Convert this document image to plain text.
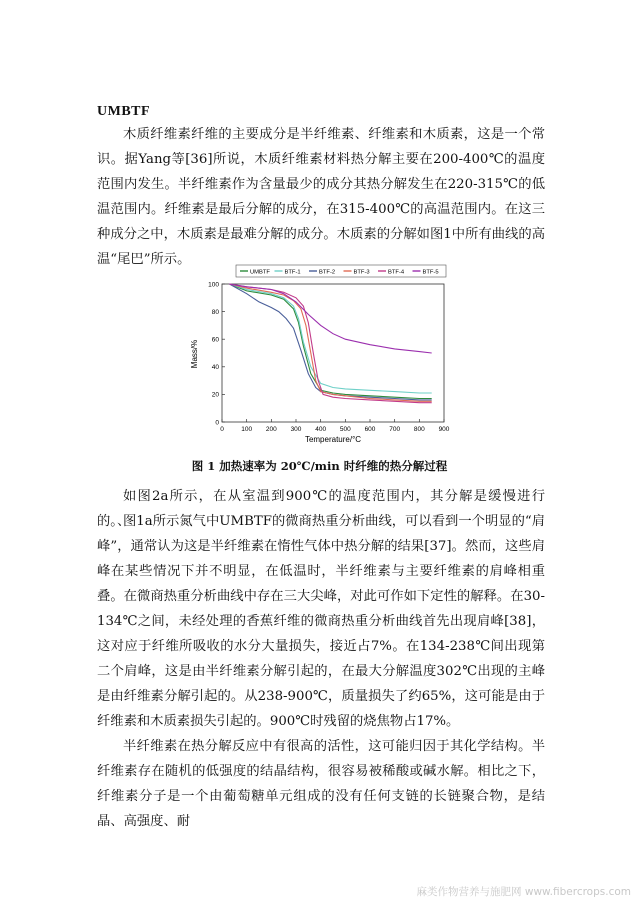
UMBTF

木质纤维素纤维的主要成分是半纤维素、纤维素和木质素，这是一个常识。据Yang等[36]所说，木质纤维素材料热分解主要在200-400℃的温度范围内发生。半纤维素作为含量最少的成分其热分解发生在220-315℃的低温范围内。纤维素是最后分解的成分，在315-400℃的高温范围内。在这三种成分之中，木质素是最难分解的成分。木质素的分解如图1中所有曲线的高温“尾巴”所示。

UMBTF	BTF-1	BTF-2	BTF-3	BTF-4	BTF-5
0	100 200 300 400 500 600 700 800 900
0
20
40
60
80
100
Mass/%
Temperature/°C
图 1 加热速率为 20℃/min 时纤维的热分解过程

如图2a所示，在从室温到900℃的温度范围内，其分解是缓慢进行的。、

图1a所示氮气中UMBTF的微商热重分析曲线，可以看到一个明显的“肩峰”，通常认为这是半纤维素在惰性气体中热分解的结果[37]。然而，这些肩峰在某些情况下并不明显，在低温时，半纤维素与主要纤维素的肩峰相重叠。在微商热重分析曲线中存在三大尖峰，对此可作如下定性的解释。在30-134℃之间，未经处理的香蕉纤维的微商热重分析曲线首先出现肩峰[38]，这对应于纤维所吸收的水分大量损失，接近占7%。在134-238℃间出现第二个肩峰，这是由半纤维素分解引起的，在最大分解温度302℃出现的主峰是由纤维素分解引起的。从238-900℃，质量损失了约65%，这可能是由于纤维素和木质素损失引起的。900℃时残留的烧焦物占17%。

半纤维素在热分解反应中有很高的活性，这可能归因于其化学结构。半纤维素存在随机的低强度的结晶结构，很容易被稀酸或碱水解。相比之下，纤维素分子是一个由葡萄糖单元组成的没有任何支链的长链聚合物，是结晶、高强度、耐

麻类作物营养与施肥网 www.fibercrops.com
